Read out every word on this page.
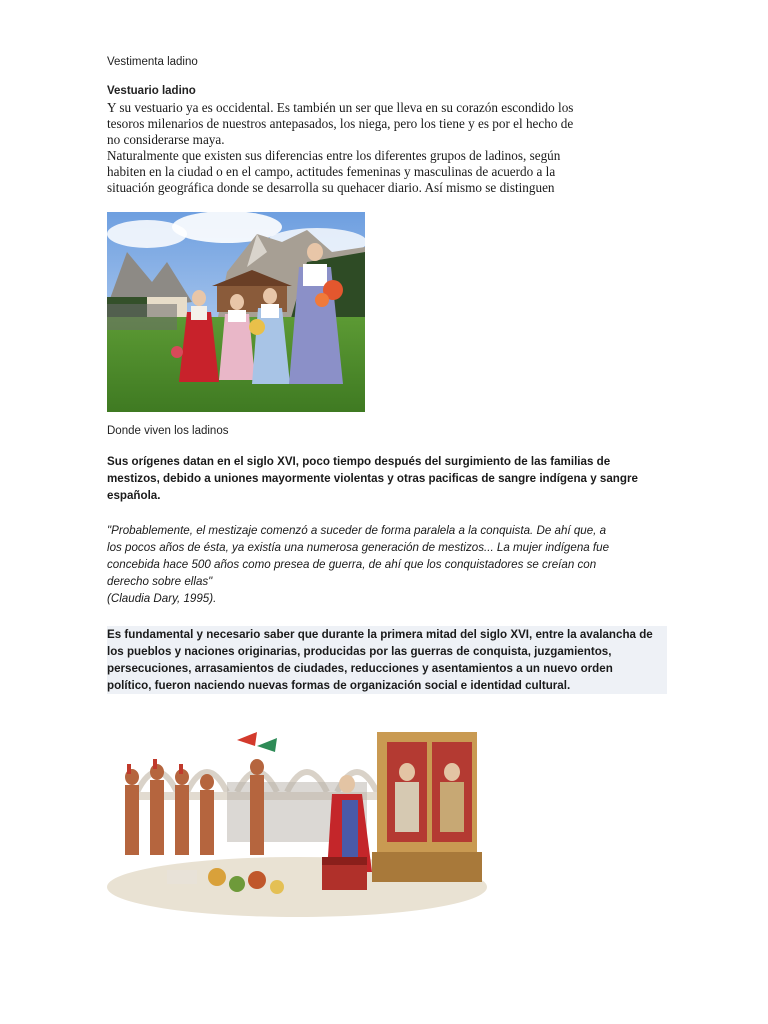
Vestimenta ladino
Vestuario ladino

Y su vestuario ya es occidental. Es también un ser que lleva en su corazón escondido los
tesoros milenarios de nuestros antepasados, los niega, pero los tiene y es por el hecho de
no considerarse maya.

Naturalmente que existen sus diferencias entre los diferentes grupos de ladinos, según
habiten en la ciudad o en el campo, actitudes femeninas y masculinas de acuerdo a la
situación geográfica donde se desarrolla su quehacer diario. Así mismo se distinguen

Donde viven los ladinos

Sus orígenes datan en el siglo XVI, poco tiempo después del surgimiento de las familias de
mestizos, debido a uniones mayormente violentas y otras pacificas de sangre indígena y sangre
española.

"Probablemente, el mestizaje comenzó a suceder de forma paralela a la conquista. De ahí que, a
los pocos años de ésta, ya existía una numerosa generación de mestizos... La mujer indígena fue
concebida hace 500 años como presea de guerra, de ahí que los conquistadores se creían con
derecho sobre ellas"
(Claudia Dary, 1995).

Es fundamental y necesario saber que durante la primera mitad del siglo XVI, entre la avalancha de
los pueblos y naciones originarias, producidas por las guerras de conquista, juzgamientos,
persecuciones, arrasamientos de ciudades, reducciones y asentamientos a un nuevo orden
político, fueron naciendo nuevas formas de organización social e identidad cultural.
